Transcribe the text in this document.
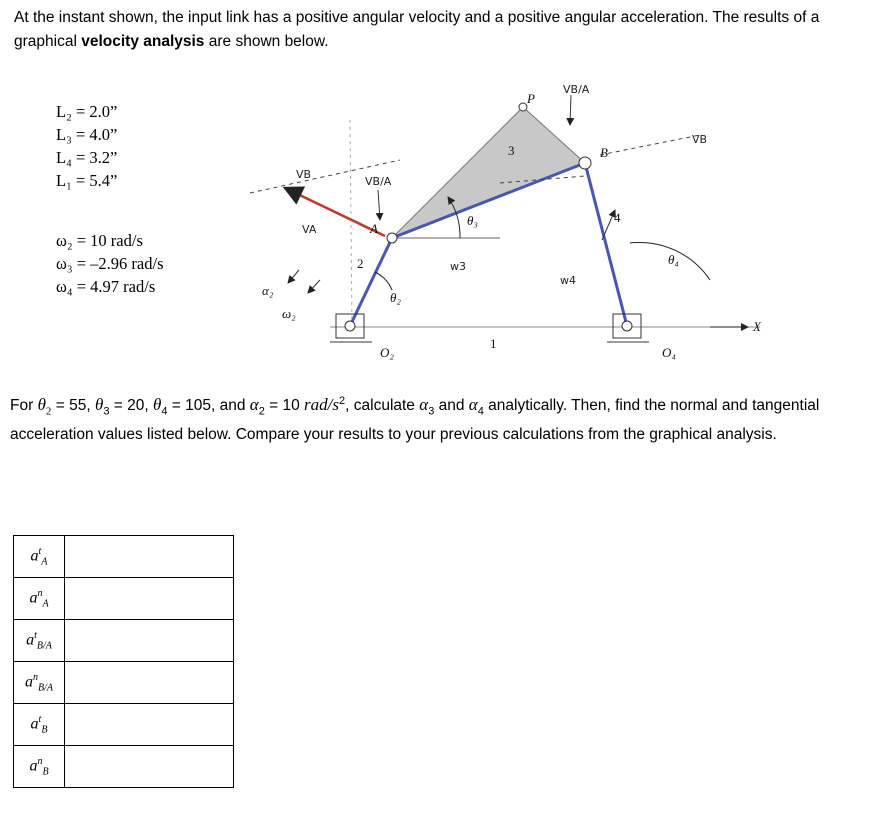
At the instant shown, the input link has a positive angular velocity and a positive angular acceleration. The results of a graphical velocity analysis are shown below.
L₂ = 2.0”
L₃ = 4.0”
L₄ = 3.2”
L₁ = 5.4”
ω₂ = 10 rad/s
ω₃ = –2.96 rad/s
ω₄ = 4.97 rad/s
P
B
A
X
2
3
4
1
O₂	O₄
θ₂
θ₃
θ₄
α₂
ω₂
VB/A
VB/A
VB
VB
VA
w3
w4
For $\theta_2 = 55$, $\theta_3 = 20$, $\theta_4 = 105$, and $\alpha_2 = 10$ rad/$s^2$, calculate $\alpha_3$ and $\alpha_4$ analytically. Then, find the normal and tangential acceleration values listed below. Compare your results to your previous calculations from the graphical analysis.
$a^t_A$	
$a^n_A$	
$a^t_{B/A}$	
$a^n_{B/A}$	
$a^t_B$	
$a^n_B$	
